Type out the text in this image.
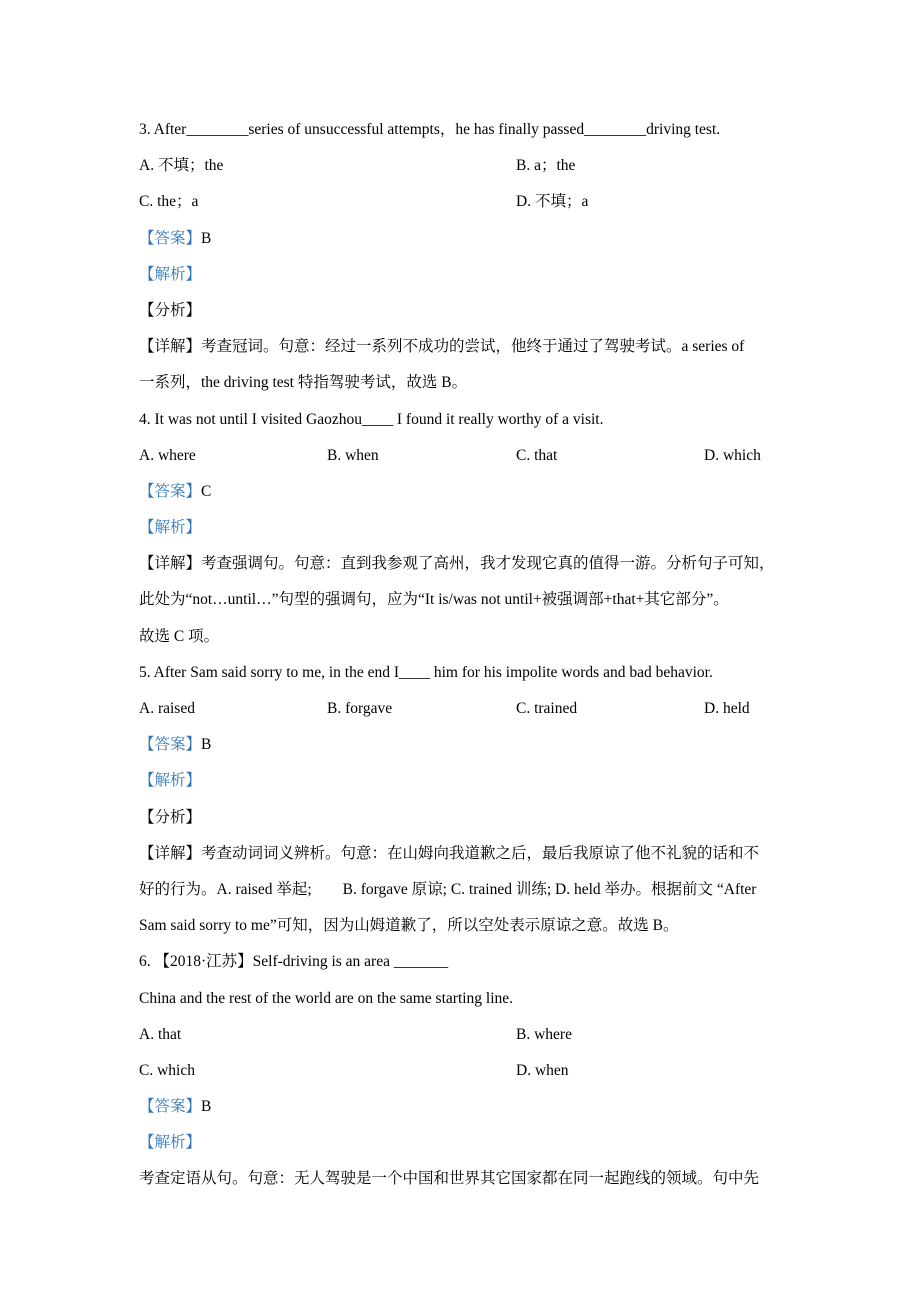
3. After________series of unsuccessful attempts，he has finally passed________driving test.
A. 不填；the	B. a；the
C. the；a	D. 不填；a
【答案】B
【解析】
【分析】
【详解】考查冠词。句意：经过一系列不成功的尝试，他终于通过了驾驶考试。a series of
一系列，the driving test 特指驾驶考试，故选 B。
4. It was not until I visited Gaozhou____ I found it really worthy of a visit.
A. where	B. when	C. that	D. which
【答案】C
【解析】
【详解】考查强调句。句意：直到我参观了高州，我才发现它真的值得一游。分析句子可知，
此处为“not…until…”句型的强调句，应为“It is/was not until+被强调部+that+其它部分”。
故选 C 项。
5. After Sam said sorry to me, in the end I____ him for his impolite words and bad behavior.
A. raised	B. forgave	C. trained	D. held
【答案】B
【解析】
【分析】
【详解】考查动词词义辨析。句意：在山姆向我道歉之后，最后我原谅了他不礼貌的话和不
好的行为。A. raised 举起;        B. forgave 原谅; C. trained 训练; D. held 举办。根据前文 “After
Sam said sorry to me”可知，因为山姆道歉了，所以空处表示原谅之意。故选 B。
6. 【2018·江苏】Self-driving is an area _______
China and the rest of the world are on the same starting line.
A. that	B. where
C. which	D. when
【答案】B
【解析】
考查定语从句。句意：无人驾驶是一个中国和世界其它国家都在同一起跑线的领域。句中先
